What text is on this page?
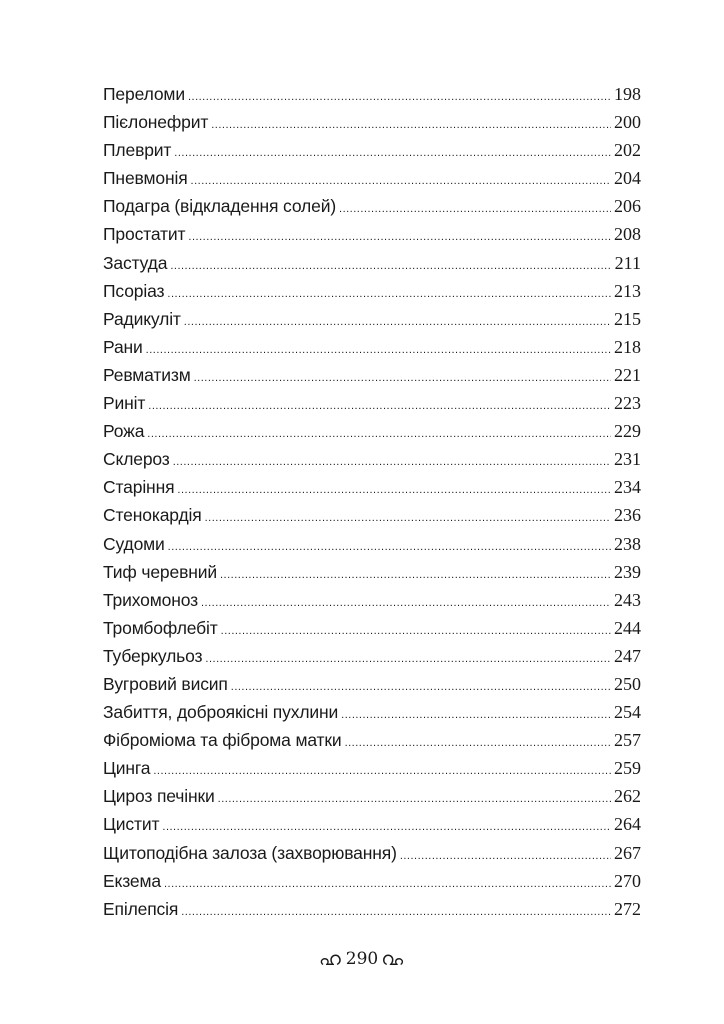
Переломи .....	198
Пієлонефрит .....	200
Плеврит .....	202
Пневмонія .....	204
Подагра (відкладення солей) .....	206
Простатит .....	208
Застуда .....	211
Псоріаз .....	213
Радикуліт .....	215
Рани .....	218
Ревматизм .....	221
Риніт .....	223
Рожа .....	229
Склероз .....	231
Старіння .....	234
Стенокардія .....	236
Судоми .....	238
Тиф черевний .....	239
Трихомоноз .....	243
Тромбофлебіт .....	244
Туберкульоз .....	247
Вугровий висип .....	250
Забиття, доброякісні пухлини .....	254
Фіброміома та фіброма матки .....	257
Цинга .....	259
Цироз печінки .....	262
Цистит .....	264
Щитоподібна залоза (захворювання) .....	267
Екзема .....	270
Епілепсія .....	272
ഹ 290 ഹ
